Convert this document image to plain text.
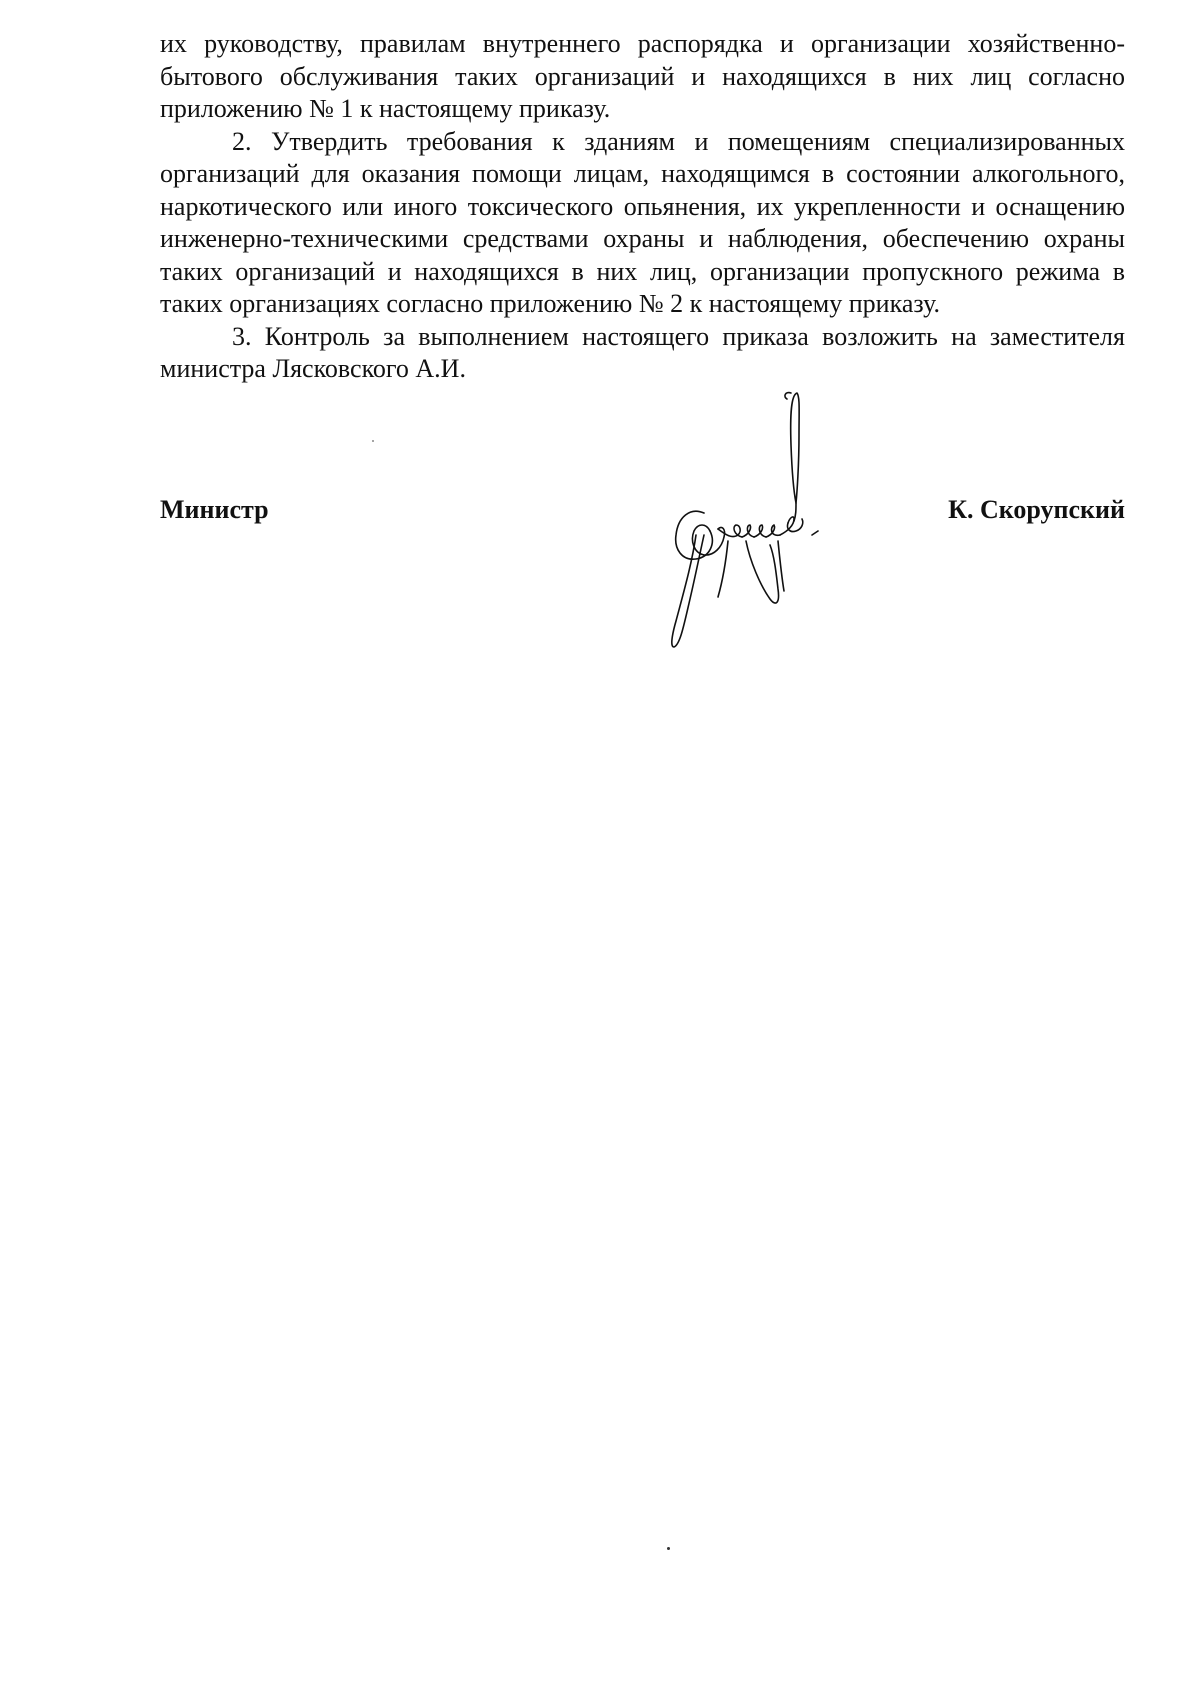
их руководству, правилам внутреннего распорядка и организации хозяйственно-бытового обслуживания таких организаций и находящихся в них лиц согласно приложению № 1 к настоящему приказу.

2. Утвердить требования к зданиям и помещениям специализированных организаций для оказания помощи лицам, находящимся в состоянии алкогольного, наркотического или иного токсического опьянения, их укрепленности и оснащению инженерно-техническими средствами охраны и наблюдения, обеспечению охраны таких организаций и находящихся в них лиц, организации пропускного режима в таких организациях согласно приложению № 2 к настоящему приказу.

3. Контроль за выполнением настоящего приказа возложить на заместителя министра Лясковского А.И.

Министр	К. Скорупский
